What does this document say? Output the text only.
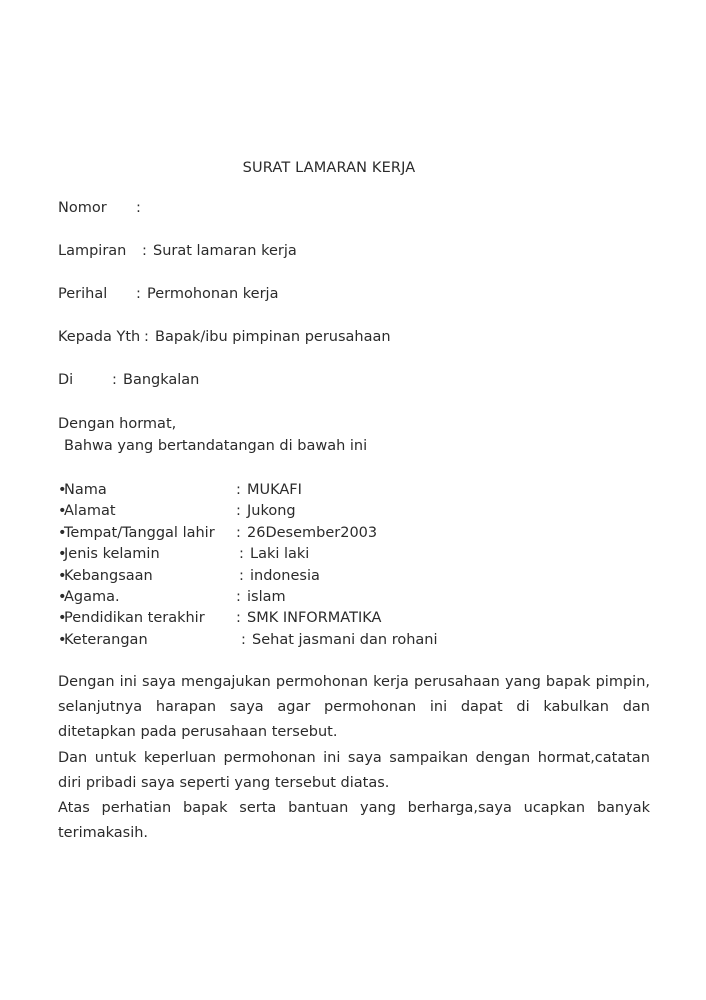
SURAT LAMARAN KERJA
Nomor :
Lampiran : Surat lamaran kerja
Perihal : Permohonan kerja
Kepada Yth : Bapak/ibu pimpinan perusahaan
Di	: Bangkalan
Dengan hormat,
Bahwa yang bertandatangan di bawah ini
•Nama	: MUKAFI
•Alamat	: Jukong
•Tempat/Tanggal lahir : 26Desember2003
•Jenis kelamin	: Laki laki
•Kebangsaan	: indonesia
•Agama.	: islam
•Pendidikan terakhir : SMK INFORMATIKA
•Keterangan	: Sehat jasmani dan rohani

Dengan ini saya mengajukan permohonan kerja perusahaan yang bapak pimpin, selanjutnya harapan saya agar permohonan ini dapat di kabulkan dan ditetapkan pada perusahaan tersebut.

Dan untuk keperluan permohonan ini saya sampaikan dengan hormat,catatan diri pribadi saya seperti yang tersebut diatas.

Atas perhatian bapak serta bantuan yang berharga,saya ucapkan banyak terimakasih.
